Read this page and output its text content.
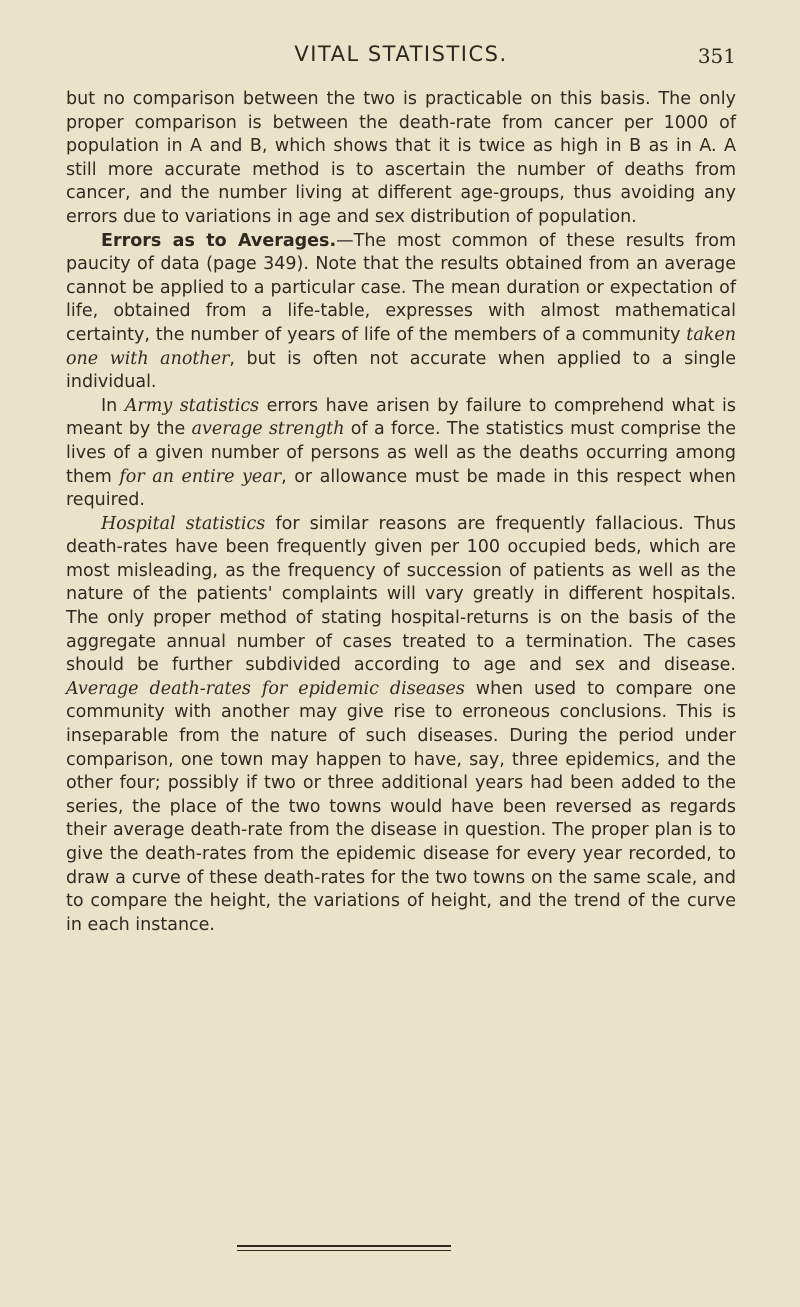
VITAL STATISTICS.	351

but no comparison between the two is practicable on this basis. The only proper comparison is between the death-rate from cancer per 1000 of population in A and B, which shows that it is twice as high in B as in A. A still more accurate method is to ascertain the number of deaths from cancer, and the number living at different age-groups, thus avoiding any errors due to variations in age and sex distribution of population.

Errors as to Averages.—The most common of these results from paucity of data (page 349). Note that the results obtained from an average cannot be applied to a particular case. The mean duration or expectation of life, obtained from a life-table, expresses with almost mathematical certainty, the number of years of life of the members of a community taken one with another, but is often not accurate when applied to a single individual.

In Army statistics errors have arisen by failure to comprehend what is meant by the average strength of a force. The statistics must comprise the lives of a given number of persons as well as the deaths occurring among them for an entire year, or allowance must be made in this respect when required.

Hospital statistics for similar reasons are frequently fallacious. Thus death-rates have been frequently given per 100 occupied beds, which are most misleading, as the frequency of succession of patients as well as the nature of the patients' complaints will vary greatly in different hospitals. The only proper method of stating hospital-returns is on the basis of the aggregate annual number of cases treated to a termination. The cases should be further subdivided according to age and sex and disease. Average death-rates for epidemic diseases when used to compare one community with another may give rise to erroneous conclusions. This is inseparable from the nature of such diseases. During the period under comparison, one town may happen to have, say, three epidemics, and the other four; possibly if two or three additional years had been added to the series, the place of the two towns would have been reversed as regards their average death-rate from the disease in question. The proper plan is to give the death-rates from the epidemic disease for every year recorded, to draw a curve of these death-rates for the two towns on the same scale, and to compare the height, the variations of height, and the trend of the curve in each instance.
